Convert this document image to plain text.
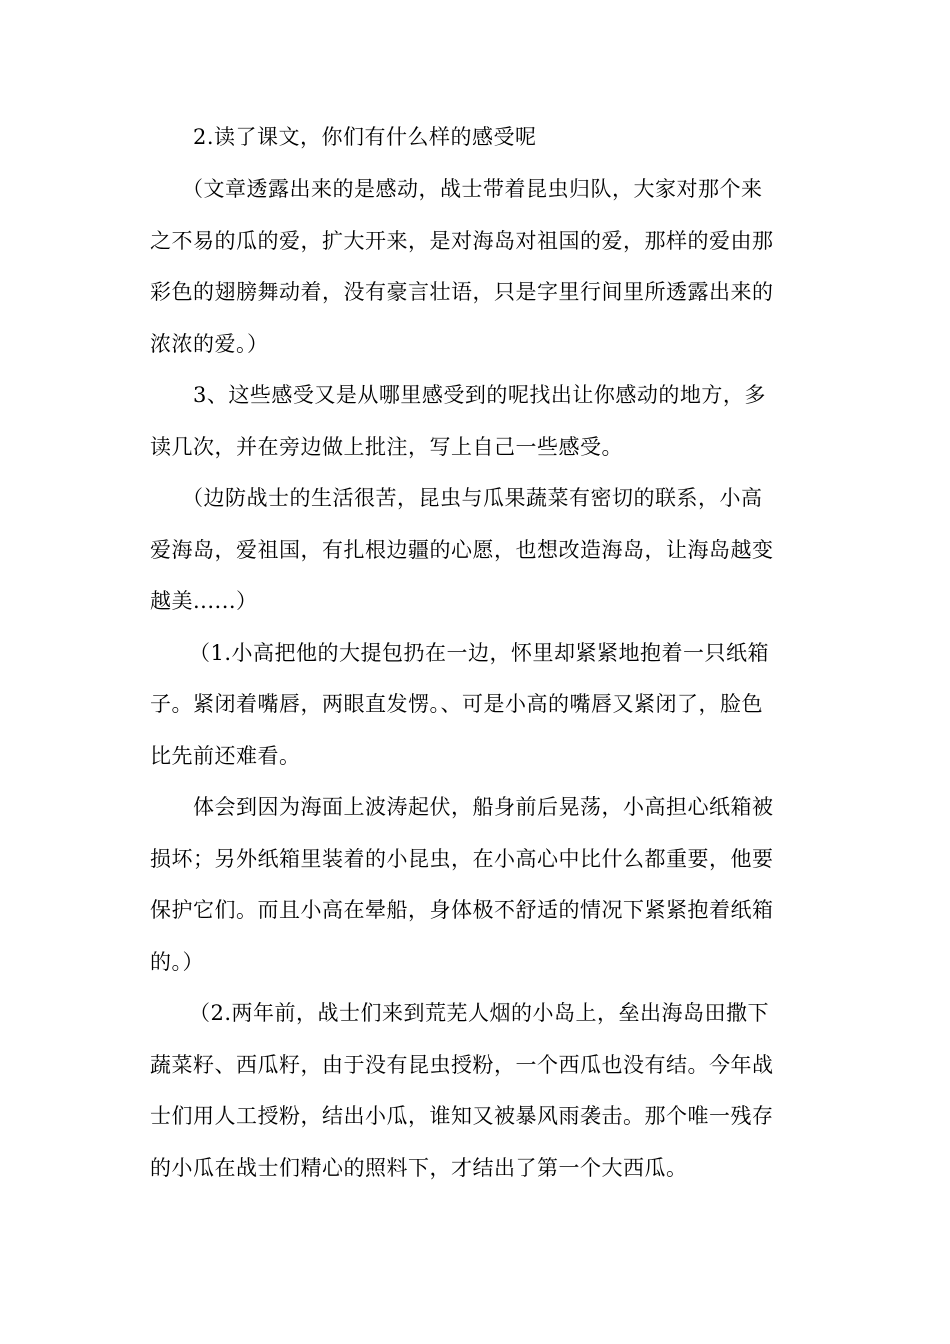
2.读了课文，你们有什么样的感受呢
（文章透露出来的是感动，战士带着昆虫归队，大家对那个来
之不易的瓜的爱，扩大开来，是对海岛对祖国的爱，那样的爱由那
彩色的翅膀舞动着，没有豪言壮语，只是字里行间里所透露出来的
浓浓的爱。）
3、这些感受又是从哪里感受到的呢找出让你感动的地方，多
读几次，并在旁边做上批注，写上自己一些感受。
（边防战士的生活很苦，昆虫与瓜果蔬菜有密切的联系，小高
爱海岛，爱祖国，有扎根边疆的心愿，也想改造海岛，让海岛越变
越美......）
（1.小高把他的大提包扔在一边，怀里却紧紧地抱着一只纸箱
子。紧闭着嘴唇，两眼直发愣。、可是小高的嘴唇又紧闭了，脸色
比先前还难看。
体会到因为海面上波涛起伏，船身前后晃荡，小高担心纸箱被
损坏；另外纸箱里装着的小昆虫，在小高心中比什么都重要，他要
保护它们。而且小高在晕船，身体极不舒适的情况下紧紧抱着纸箱
的。）
（2.两年前，战士们来到荒芜人烟的小岛上，垒出海岛田撒下
蔬菜籽、西瓜籽，由于没有昆虫授粉，一个西瓜也没有结。今年战
士们用人工授粉，结出小瓜，谁知又被暴风雨袭击。那个唯一残存
的小瓜在战士们精心的照料下，才结出了第一个大西瓜。
